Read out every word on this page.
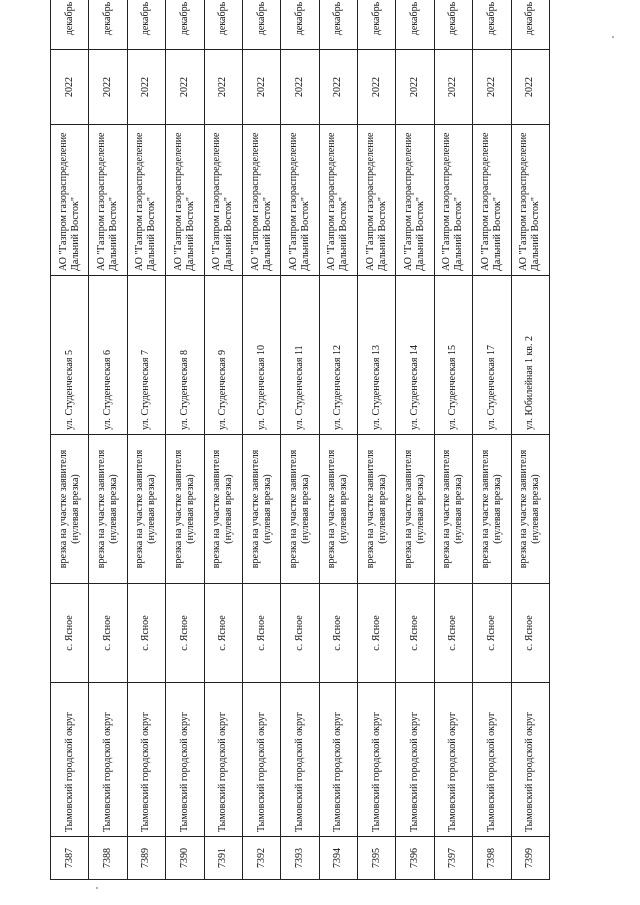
7387	Тымовский городской округ	с. Ясное	врезка на участке заявителя (нулевая врезка)	ул. Студенческая 5	АО "Газпром газораспределение Дальний Восток"	2022	декабрь
7388	Тымовский городской округ	с. Ясное	врезка на участке заявителя (нулевая врезка)	ул. Студенческая 6	АО "Газпром газораспределение Дальний Восток"	2022	декабрь
7389	Тымовский городской округ	с. Ясное	врезка на участке заявителя (нулевая врезка)	ул. Студенческая 7	АО "Газпром газораспределение Дальний Восток"	2022	декабрь
7390	Тымовский городской округ	с. Ясное	врезка на участке заявителя (нулевая врезка)	ул. Студенческая 8	АО "Газпром газораспределение Дальний Восток"	2022	декабрь
7391	Тымовский городской округ	с. Ясное	врезка на участке заявителя (нулевая врезка)	ул. Студенческая 9	АО "Газпром газораспределение Дальний Восток"	2022	декабрь
7392	Тымовский городской округ	с. Ясное	врезка на участке заявителя (нулевая врезка)	ул. Студенческая 10	АО "Газпром газораспределение Дальний Восток"	2022	декабрь
7393	Тымовский городской округ	с. Ясное	врезка на участке заявителя (нулевая врезка)	ул. Студенческая 11	АО "Газпром газораспределение Дальний Восток"	2022	декабрь
7394	Тымовский городской округ	с. Ясное	врезка на участке заявителя (нулевая врезка)	ул. Студенческая 12	АО "Газпром газораспределение Дальний Восток"	2022	декабрь
7395	Тымовский городской округ	с. Ясное	врезка на участке заявителя (нулевая врезка)	ул. Студенческая 13	АО "Газпром газораспределение Дальний Восток"	2022	декабрь
7396	Тымовский городской округ	с. Ясное	врезка на участке заявителя (нулевая врезка)	ул. Студенческая 14	АО "Газпром газораспределение Дальний Восток"	2022	декабрь
7397	Тымовский городской округ	с. Ясное	врезка на участке заявителя (нулевая врезка)	ул. Студенческая 15	АО "Газпром газораспределение Дальний Восток"	2022	декабрь
7398	Тымовский городской округ	с. Ясное	врезка на участке заявителя (нулевая врезка)	ул. Студенческая 17	АО "Газпром газораспределение Дальний Восток"	2022	декабрь
7399	Тымовский городской округ	с. Ясное	врезка на участке заявителя (нулевая врезка)	ул. Юбилейная 1 кв. 2	АО "Газпром газораспределение Дальний Восток"	2022	декабрь
